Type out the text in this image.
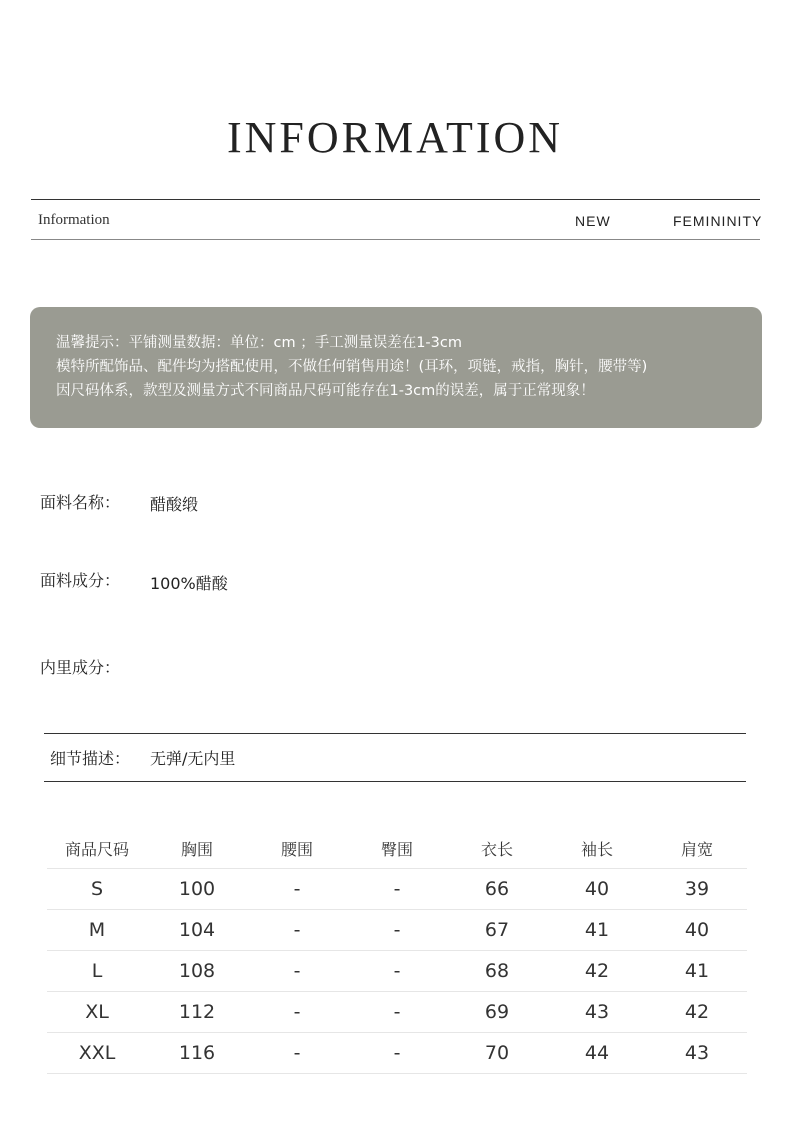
INFORMATION
Information	NEW	FEMININITY
温馨提示：平铺测量数据：单位：cm ；手工测量误差在1-3cm
模特所配饰品、配件均为搭配使用，不做任何销售用途！(耳环，项链，戒指，胸针，腰带等)
因尺码体系，款型及测量方式不同商品尺码可能存在1-3cm的误差，属于正常现象！
面料名称： 醋酸缎
面料成分： 100%醋酸
内里成分：
细节描述： 无弹/无内里
商品尺码	胸围	腰围	臀围	衣长	袖长	肩宽
S	100	-	-	66	40	39
M	104	-	-	67	41	40
L	108	-	-	68	42	41
XL	112	-	-	69	43	42
XXL	116	-	-	70	44	43
